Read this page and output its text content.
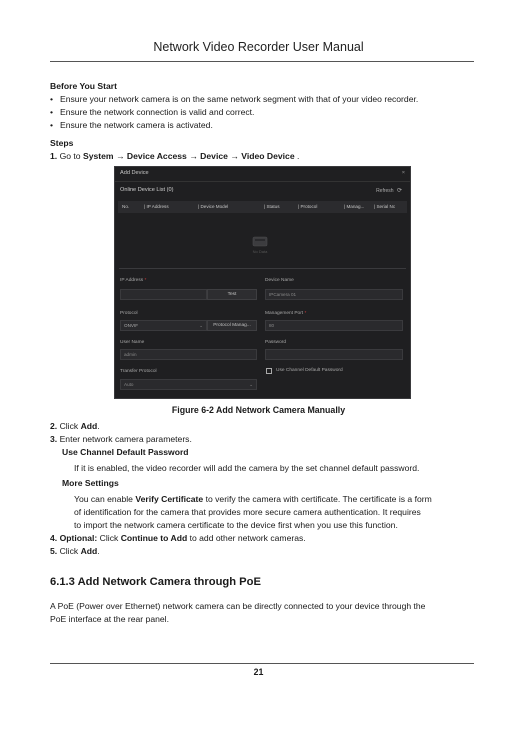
Network Video Recorder User Manual
Before You Start
• Ensure your network camera is on the same network segment with that of your video recorder.
• Ensure the network connection is valid and correct.
• Ensure the network camera is activated.
Steps
1. Go to System → Device Access → Device → Video Device .
Add Device	×
Online Device List (0)	Refresh ⟳
No.	| IP Address	| Device Model	| Status	| Protocol	| Manag... | Serial Nc
No Data
IP Address *
Test
Protocol
ONVIF	⌄	Protocol Manag...
User Name
admin
Transfer Protocol
Auto	⌄
Device Name
IPCamera 01
Management Port *
80
Password
Use Channel Default Password
Figure 6-2 Add Network Camera Manually
2. Click Add.
3. Enter network camera parameters.
Use Channel Default Password
If it is enabled, the video recorder will add the camera by the set channel default password.
More Settings
You can enable Verify Certificate to verify the camera with certificate. The certificate is a form
of identification for the camera that provides more secure camera authentication. It requires
to import the network camera certificate to the device first when you use this function.
4. Optional: Click Continue to Add to add other network cameras.
5. Click Add.
6.1.3 Add Network Camera through PoE
A PoE (Power over Ethernet) network camera can be directly connected to your device through the
PoE interface at the rear panel.
21
